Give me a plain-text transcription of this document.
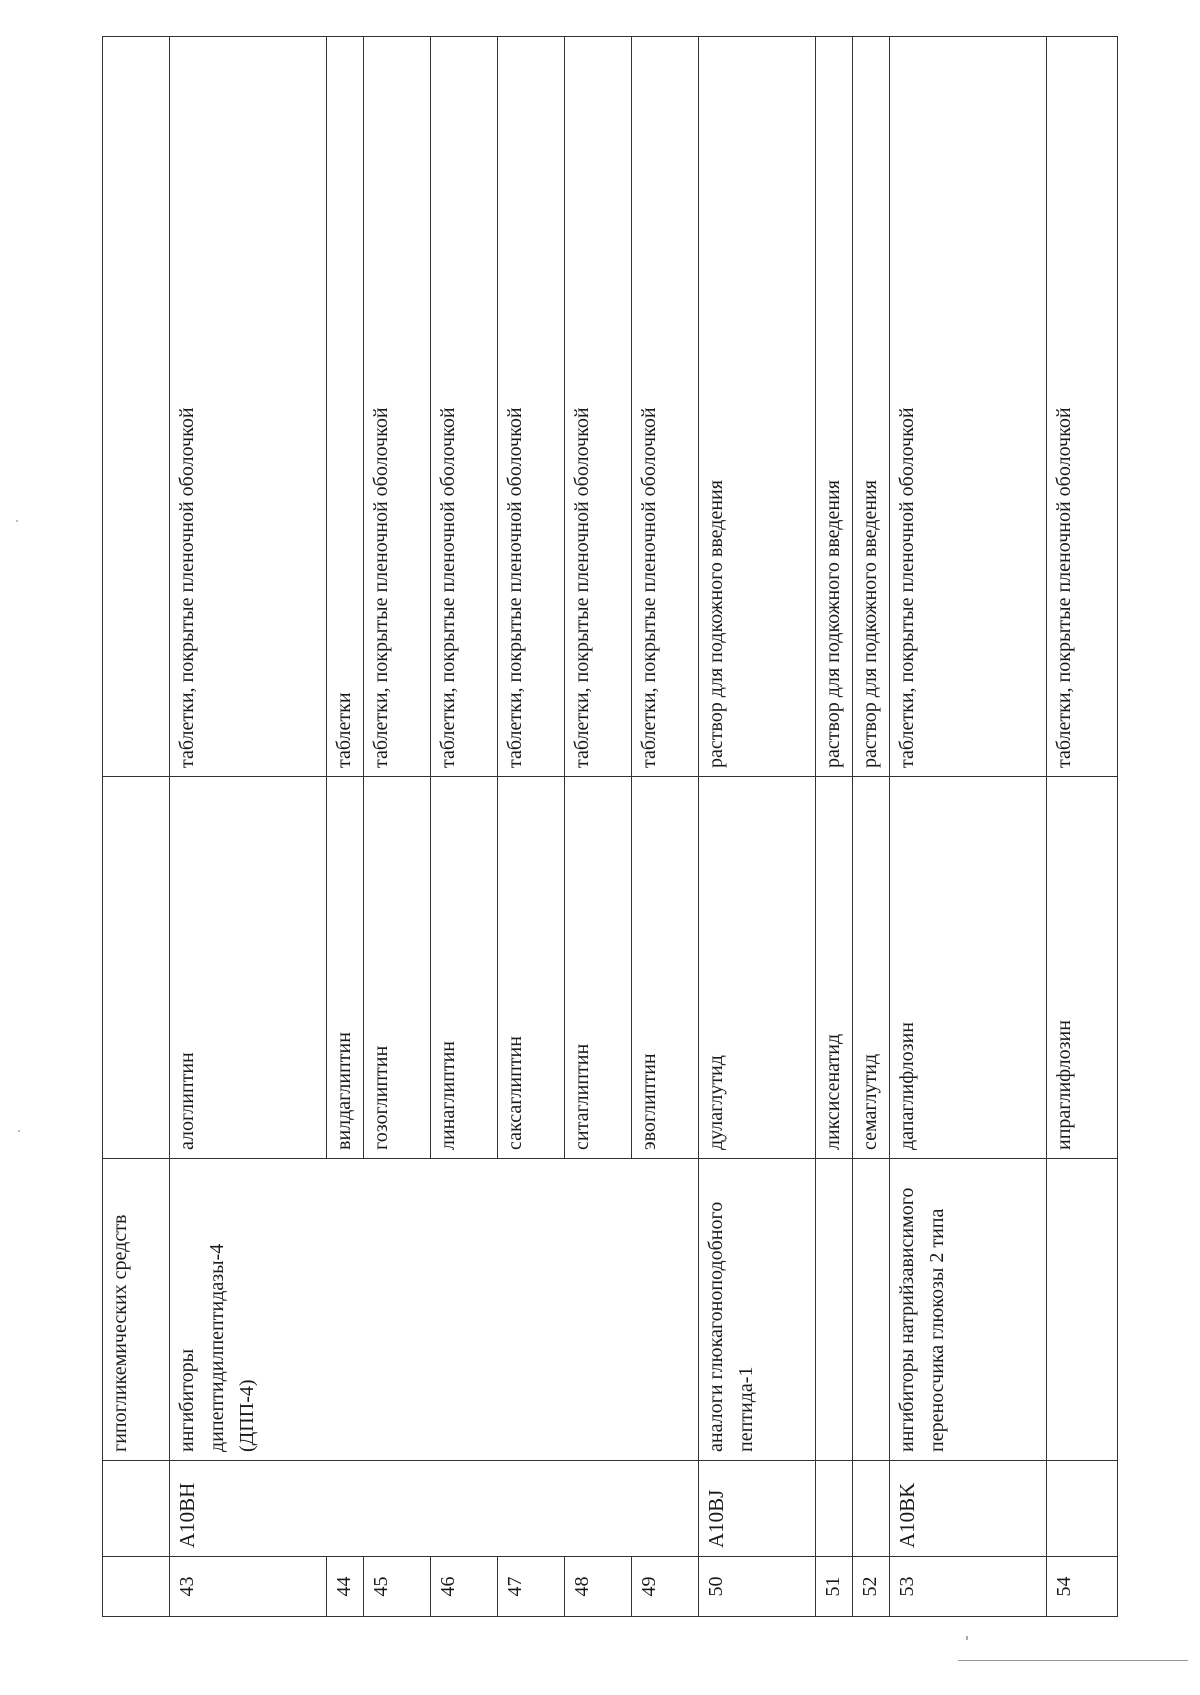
		гипогликемических средств		
43	A10BH	ингибиторы дипептидилпептидазы-4 (ДПП-4)	алоглиптин	таблетки, покрытые пленочной оболочкой
44			вилдаглиптин	таблетки
45			гозоглиптин	таблетки, покрытые пленочной оболочкой
46			линаглиптин	таблетки, покрытые пленочной оболочкой
47			саксаглиптин	таблетки, покрытые пленочной оболочкой
48			ситаглиптин	таблетки, покрытые пленочной оболочкой
49			эвоглиптин	таблетки, покрытые пленочной оболочкой
50	A10BJ	аналоги глюкагоноподобного пептида-1	дулаглутид	раствор для подкожного введения
51			ликсисенатид	раствор для подкожного введения
52			семаглутид	раствор для подкожного введения
53	A10BK	ингибиторы натрийзависимого переносчика глюкозы 2 типа	дапаглифлозин	таблетки, покрытые пленочной оболочкой
54			ипраглифлозин	таблетки, покрытые пленочной оболочкой
